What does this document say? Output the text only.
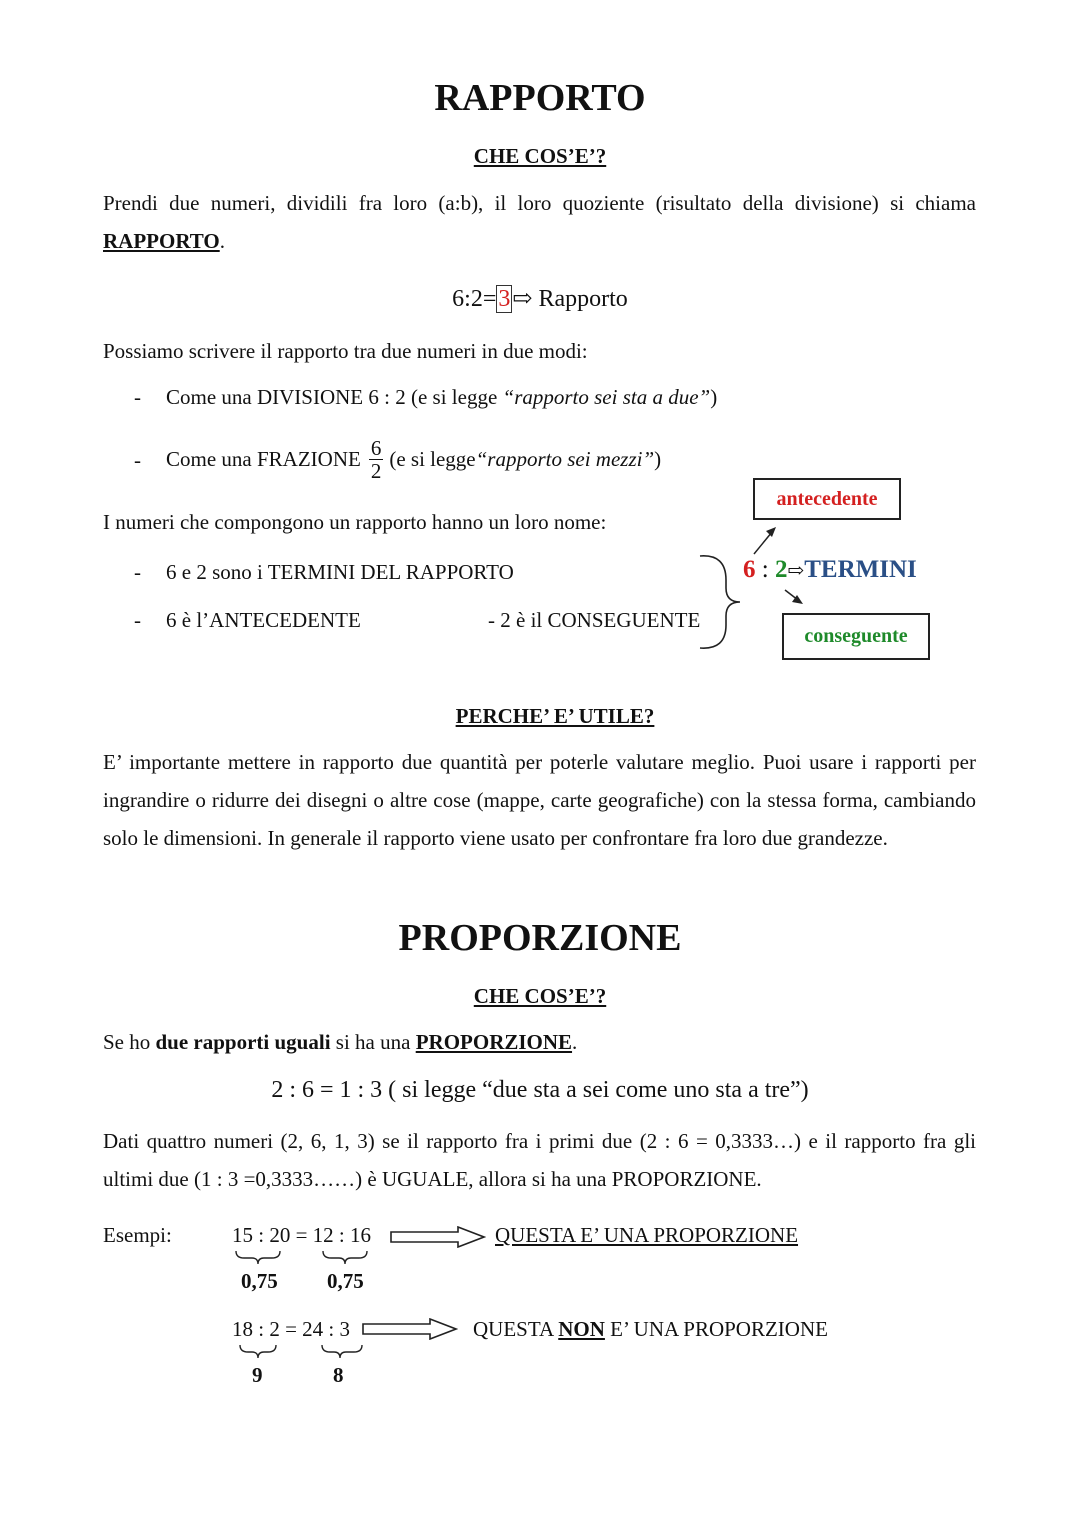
RAPPORTO
CHE COS’E’?
Prendi due numeri, dividili fra loro (a:b), il loro quoziente (risultato della divisione) si chiama RAPPORTO.
6:2=3⇨ Rapporto
Possiamo scrivere il rapporto tra due numeri in due modi:
- Come una DIVISIONE 6 : 2 (e si legge “rapporto sei sta a due”)
- Come una FRAZIONE $\frac{6}{2} (e$ si legge “rapporto sei mezzi” )
I numeri che compongono un rapporto hanno un loro nome:
- 6 e 2 sono i TERMINI DEL RAPPORTO
- 6 è l’ANTECEDENTE	- 2 è il CONSEGUENTE
antecedente
conseguente
6 : 2⇨TERMINI
PERCHE’ E’ UTILE?
E’ importante mettere in rapporto due quantità per poterle valutare meglio. Puoi usare i rapporti per ingrandire o ridurre dei disegni o altre cose (mappe, carte geografiche) con la stessa forma, cambiando solo le dimensioni. In generale il rapporto viene usato per confrontare fra loro due grandezze.
PROPORZIONE
CHE COS’E’?
Se ho due rapporti uguali si ha una PROPORZIONE.
2 : 6 = 1 : 3 ( si legge “due sta a sei come uno sta a tre”)
Dati quattro numeri (2, 6, 1, 3) se il rapporto fra i primi due (2 : 6 = 0,3333…) e il rapporto fra gli ultimi due (1 : 3 =0,3333……) è UGUALE, allora si ha una PROPORZIONE.
Esempi:	15 : 20 = 12 : 16
0,75 0,75
QUESTA E’ UNA PROPORZIONE
18 : 2 = 24 : 3
9	8
QUESTA NON E’ UNA PROPORZIONE
